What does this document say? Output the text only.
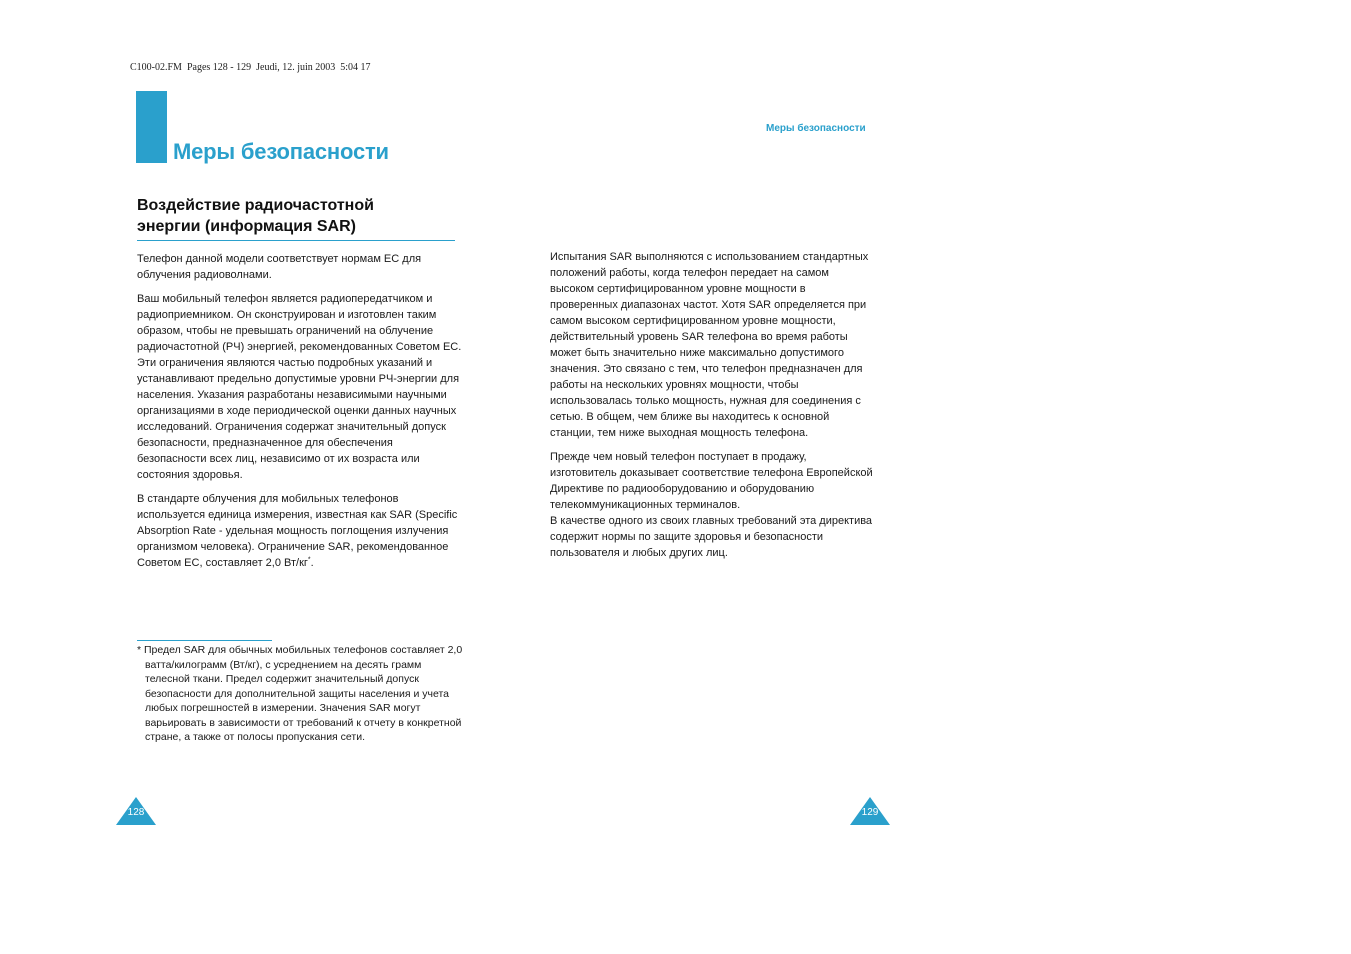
C100-02.FM  Pages 128 - 129  Jeudi, 12. juin 2003  5:04 17
Меры безопасности
Меры безопасности
Воздействие радиочастотной
энергии (информация SAR)

Телефон данной модели соответствует нормам ЕС для облучения радиоволнами.

Ваш мобильный телефон является радиопередатчиком и радиоприемником. Он сконструирован и изготовлен таким образом, чтобы не превышать ограничений на облучение радиочастотной (РЧ) энергией, рекомендованных Советом ЕС. Эти ограничения являются частью подробных указаний и устанавливают предельно допустимые уровни РЧ-энергии для населения. Указания разработаны независимыми научными организациями в ходе периодической оценки данных научных исследований. Ограничения содержат значительный допуск безопасности, предназначенное для обеспечения безопасности всех лиц, независимо от их возраста или состояния здоровья.

В стандарте облучения для мобильных телефонов используется единица измерения, известная как SAR (Specific Absorption Rate - удельная мощность поглощения излучения организмом человека). Ограничение SAR, рекомендованное Советом ЕС, составляет 2,0 Вт/кг*.

* Предел SAR для обычных мобильных телефонов составляет 2,0 ватта/килограмм (Вт/кг), с усреднением на десять грамм телесной ткани. Предел содержит значительный допуск безопасности для дополнительной защиты населения и учета любых погрешностей в измерении. Значения SAR могут варьировать в зависимости от требований к отчету в конкретной стране, а также от полосы пропускания сети.

Испытания SAR выполняются с использованием стандартных положений работы, когда телефон передает на самом высоком сертифицированном уровне мощности в проверенных диапазонах частот. Хотя SAR определяется при самом высоком сертифицированном уровне мощности, действительный уровень SAR телефона во время работы может быть значительно ниже максимально допустимого значения. Это связано с тем, что телефон предназначен для работы на нескольких уровнях мощности, чтобы использовалась только мощность, нужная для соединения с сетью. В общем, чем ближе вы находитесь к основной станции, тем ниже выходная мощность телефона.

Прежде чем новый телефон поступает в продажу, изготовитель доказывает соответствие телефона Европейской Директиве по радиооборудованию и оборудованию телекоммуникационных терминалов.
В качестве одного из своих главных требований эта директива содержит нормы по защите здоровья и безопасности пользователя и любых других лиц.

128	129
